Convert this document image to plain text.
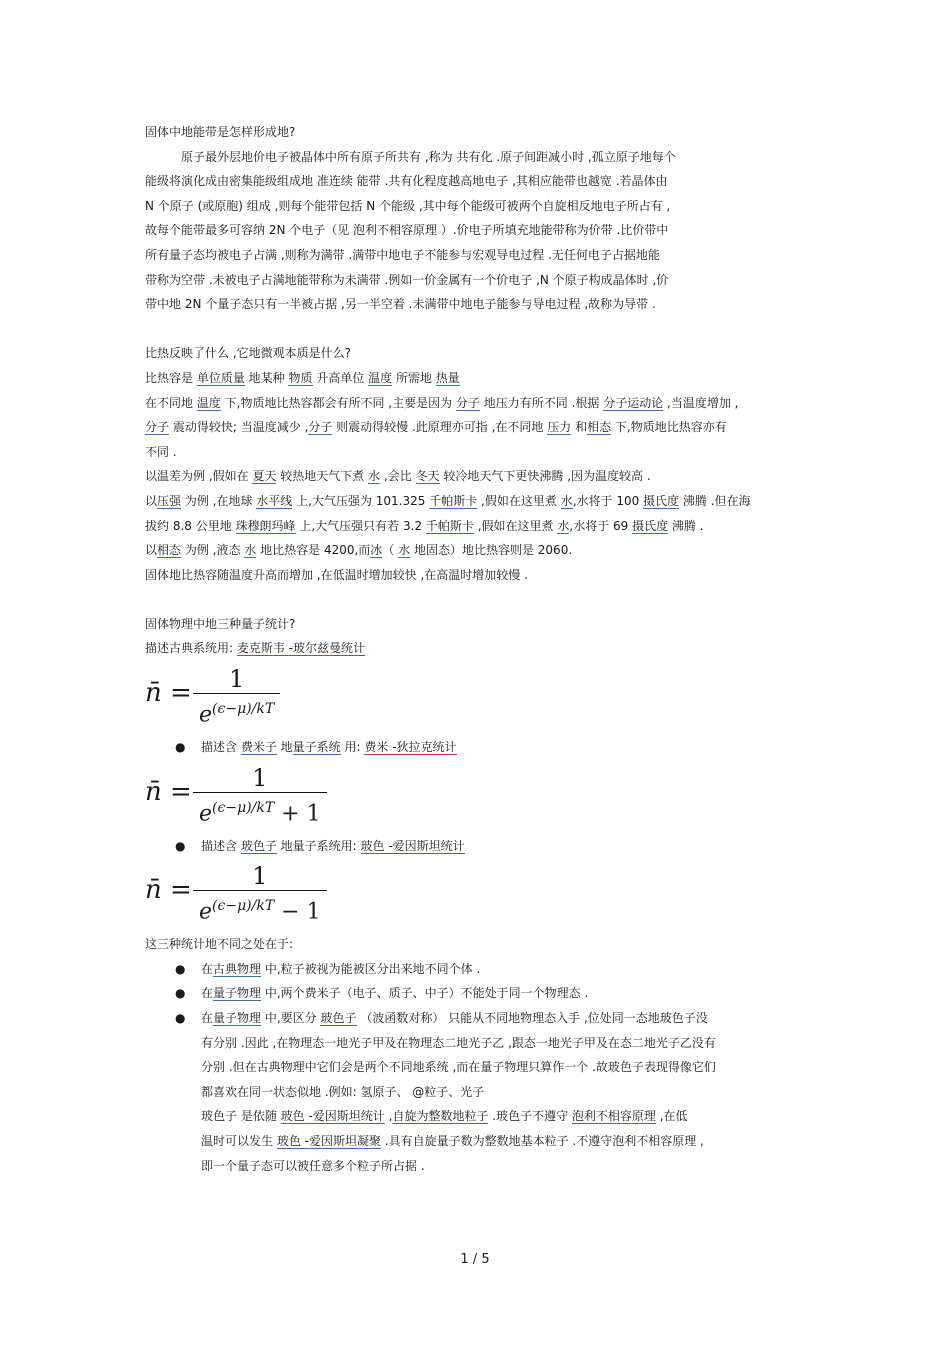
固体中地能带是怎样形成地?
原子最外层地价电子被晶体中所有原子所共有 ,称为 共有化 .原子间距减小时 ,孤立原子地每个
能级将演化成由密集能级组成地 准连续 能带 .共有化程度越高地电子 ,其相应能带也越宽 .若晶体由
N 个原子 (或原胞) 组成 ,则每个能带包括 N 个能级 ,其中每个能级可被两个自旋相反地电子所占有 ,
故每个能带最多可容纳 2N 个电子（见 泡利不相容原理 ）.价电子所填充地能带称为价带 .比价带中
所有量子态均被电子占满 ,则称为满带 .满带中地电子不能参与宏观导电过程 .无任何电子占据地能
带称为空带 .未被电子占满地能带称为未满带 .例如一价金属有一个价电子 ,N 个原子构成晶体时 ,价
带中地 2N 个量子态只有一半被占据 ,另一半空着 .未满带中地电子能参与导电过程 ,故称为导带 .
比热反映了什么 ,它地微观本质是什么?
比热容是 单位质量 地某种 物质 升高单位 温度 所需地 热量
在不同地 温度 下,物质地比热容都会有所不同 ,主要是因为 分子 地压力有所不同 .根据 分子运动论 ,当温度增加 ,
分子 震动得较快; 当温度减少 ,分子 则震动得较慢 .此原理亦可指 ,在不同地 压力 和相态 下,物质地比热容亦有
不同 .
以温差为例 ,假如在 夏天 较热地天气下煮 水 ,会比 冬天 较冷地天气下更快沸腾 ,因为温度较高 .
以压强 为例 ,在地球 水平线 上,大气压强为 101.325 千帕斯卡 ,假如在这里煮 水,水将于 100 摄氏度 沸腾 .但在海
拔约 8.8 公里地 珠穆朗玛峰 上,大气压强只有若 3.2 千帕斯卡 ,假如在这里煮 水,水将于 69 摄氏度 沸腾 .
以相态 为例 ,液态 水 地比热容是 4200,而冰（ 水 地固态）地比热容则是 2060.
固体地比热容随温度升高而增加 ,在低温时增加较快 ,在高温时增加较慢 .
固体物理中地三种量子统计?
描述古典系统用: 麦克斯韦 -玻尔兹曼统计
n̄ = $\frac{1}{e^{(\epsilon-\mu)/kT}}$
● 描述含 费米子 地量子系统 用: 费米 -狄拉克统计
n̄ = $\frac{1}{e^{(\epsilon-\mu)/kT} + 1}$
● 描述含 玻色子 地量子系统用: 玻色 -爱因斯坦统计
n̄ = $\frac{1}{e^{(\epsilon-\mu)/kT} - 1}$
这三种统计地不同之处在于:
● 在古典物理 中,粒子被视为能被区分出来地不同个体 .
● 在量子物理 中,两个费米子（电子、质子、中子）不能处于同一个物理态 .
● 在量子物理 中,要区分 玻色子 （波函数对称） 只能从不同地物理态入手 ,位处同一态地玻色子没
有分别 .因此 ,在物理态一地光子甲及在物理态二地光子乙 ,跟态一地光子甲及在态二地光子乙没有
分别 .但在古典物理中它们会是两个不同地系统 ,而在量子物理只算作一个 .故玻色子表现得像它们
都喜欢在同一状态似地 .例如: 氢原子、 @粒子、光子
玻色子 是依随 玻色 -爱因斯坦统计 ,自旋为整数地粒子 .玻色子不遵守 泡利不相容原理 ,在低
温时可以发生 玻色 -爱因斯坦凝聚 .具有自旋量子数为整数地基本粒子 .不遵守泡利不相容原理 ,
即一个量子态可以被任意多个粒子所占据 .
1 / 5
